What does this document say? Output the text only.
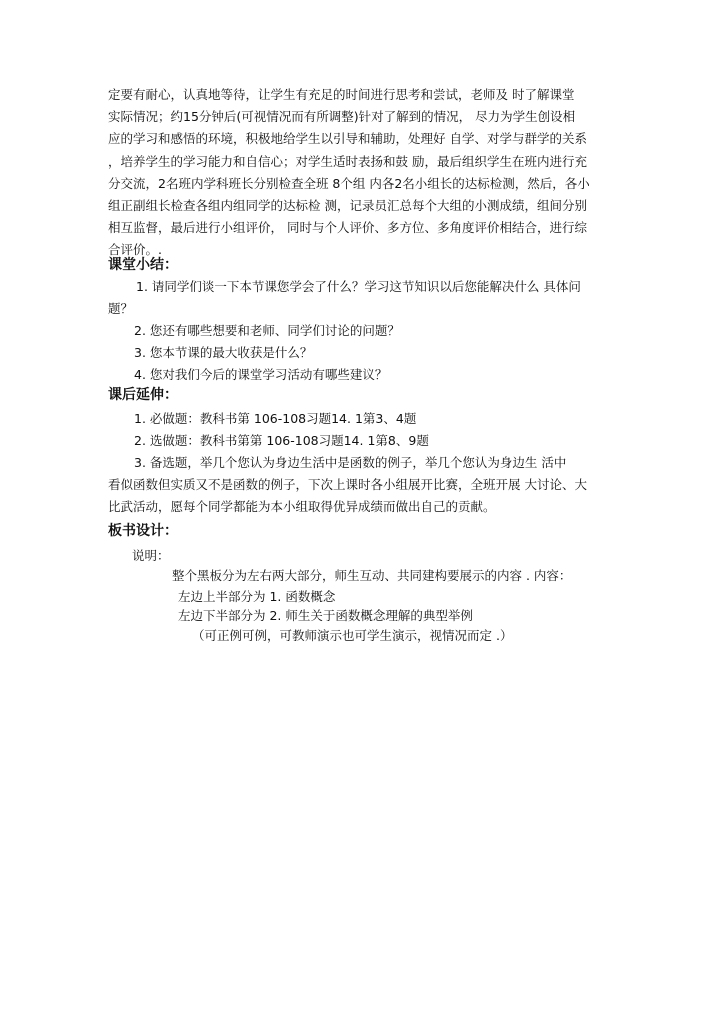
定要有耐心，认真地等待，让学生有充足的时间进行思考和尝试，老师及 时了解课堂
实际情况；约15分钟后(可视情况而有所调整)针对了解到的情况， 尽力为学生创设相
应的学习和感悟的环境，积极地给学生以引导和辅助，处理好 自学、对学与群学的关系
，培养学生的学习能力和自信心；对学生适时表扬和鼓 励，最后组织学生在班内进行充
分交流，2名班内学科班长分别检查全班 8个组 内各2名小组长的达标检测，然后，各小
组正副组长检查各组内组同学的达标检 测，记录员汇总每个大组的小测成绩，组间分别
相互监督，最后进行小组评价， 同时与个人评价、多方位、多角度评价相结合，进行综
合评价。.
课堂小结：
1. 请同学们谈一下本节课您学会了什么？学习这节知识以后您能解决什么 具体问
题？
2. 您还有哪些想要和老师、同学们讨论的问题？
3. 您本节课的最大收获是什么？
4. 您对我们今后的课堂学习活动有哪些建议？
课后延伸：
1. 必做题：教科书第 106-108习题14. 1第3、4题
2. 选做题：教科书第第 106-108习题14. 1第8、9题
3. 备选题，举几个您认为身边生活中是函数的例子，举几个您认为身边生 活中
看似函数但实质又不是函数的例子，下次上课时各小组展开比赛，全班开展 大讨论、大
比武活动，愿每个同学都能为本小组取得优异成绩而做出自己的贡献。
板书设计：
说明：
整个黑板分为左右两大部分，师生互动、共同建构要展示的内容 . 内容：
左边上半部分为 1. 函数概念
左边下半部分为 2. 师生关于函数概念理解的典型举例
（可正例可例，可教师演示也可学生演示，视情况而定 .）
